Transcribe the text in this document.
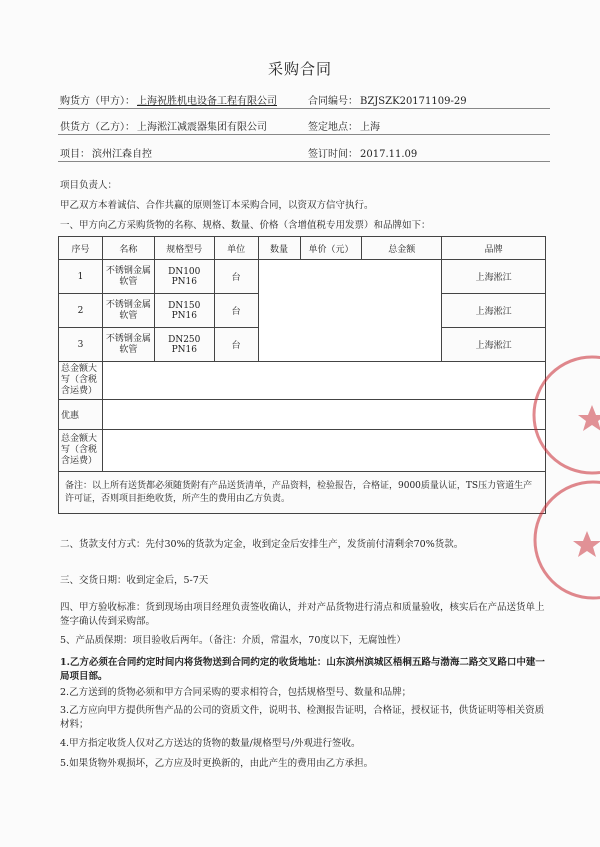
采购合同
购货方（甲方）： 上海祝胜机电设备工程有限公司	合同编号： BZJSZK20171109-29
供货方（乙方）： 上海淞江减震器集团有限公司	签定地点： 上海
项目： 滨州江森自控	签订时间： 2017.11.09
项目负责人：
甲乙双方本着诚信、合作共赢的原则签订本采购合同，以资双方信守执行。
一、甲方向乙方采购货物的名称、规格、数量、价格（含增值税专用发票）和品牌如下：
序号	名称	规格型号	单位	数量	单价（元）	总金额	品牌
1	不锈钢金属软管	DN100 PN16	台				上海淞江
2	不锈钢金属软管	DN150 PN16	台				上海淞江
3	不锈钢金属软管	DN250 PN16	台				上海淞江
总金额大写（含税含运费）							
优惠							
总金额大写（含税含运费）							
备注：以上所有送货都必须随货附有产品送货清单，产品资料，检验报告，合格证，9000质量认证，TS压力管道生产许可证，否则项目拒绝收货，所产生的费用由乙方负责。							
二、货款支付方式：先付30%的货款为定金，收到定金后安排生产，发货前付清剩余70%货款。
三、交货日期：收到定金后，5-7天
四、甲方验收标准：货到现场由项目经理负责签收确认，并对产品货物进行清点和质量验收，核实后在产品送货单上签字确认传到采购部。
5、产品质保期：项目验收后两年。（备注：介质，常温水，70度以下，无腐蚀性）
1.乙方必须在合同约定时间内将货物送到合同约定的收货地址：山东滨州滨城区梧桐五路与渤海二路交叉路口中建一局项目部。
2.乙方送到的货物必须和甲方合同采购的要求相符合，包括规格型号、数量和品牌；
3.乙方应向甲方提供所售产品的公司的资质文件，说明书、检测报告证明，合格证，授权证书，供货证明等相关资质材料；
4.甲方指定收货人仅对乙方送达的货物的数量/规格型号/外观进行签收。
5.如果货物外观损坏，乙方应及时更换新的，由此产生的费用由乙方承担。
